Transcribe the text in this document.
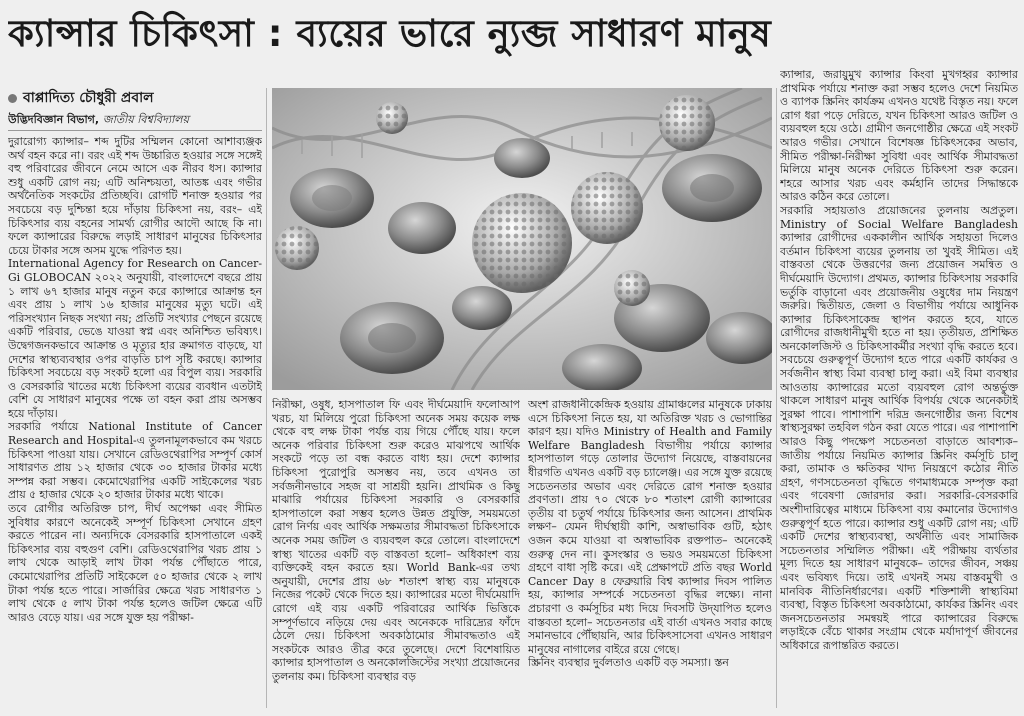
ক্যান্সার চিকিৎসা : ব্যয়ের ভারে ন্যুব্জ সাধারণ মানুষ
বাপ্পাদিত্য চৌধুরী প্রবাল
উদ্ভিদবিজ্ঞান বিভাগ, জাতীয় বিশ্ববিদ্যালয়

দুরারোগ্য ক্যান্সার– শব্দ দুটির সম্মিলন কোনো আশাব্যঞ্জক অর্থ বহন করে না। বরং এই শব্দ উচ্চারিত হওয়ার সঙ্গে সঙ্গেই বহু পরিবারের জীবনে নেমে আসে এক নীরব ধস। ক্যান্সার শুধু একটি রোগ নয়; এটি অনিশ্চয়তা, আতঙ্ক এবং গভীর অর্থনৈতিক সংকটের প্রতিচ্ছবি। রোগটি শনাক্ত হওয়ার পর সবচেয়ে বড় দুশ্চিন্তা হয়ে দাঁড়ায় চিকিৎসা নয়, বরং– এই চিকিৎসার ব্যয় বহনের সামর্থ্য রোগীর আদৌ আছে কি না। ফলে ক্যান্সারের বিরুদ্ধে লড়াই সাধারণ মানুষের চিকিৎসার চেয়ে টাকার সঙ্গে অসম যুদ্ধে পরিণত হয়।

International Agency for Research on Cancer-Gi GLOBOCAN ২০২২ অনুযায়ী, বাংলাদেশে বছরে প্রায় ১ লাখ ৬৭ হাজার মানুষ নতুন করে ক্যান্সারে আক্রান্ত হন এবং প্রায় ১ লাখ ১৬ হাজার মানুষের মৃত্যু ঘটে। এই পরিসংখ্যান নিছক সংখ্যা নয়; প্রতিটি সংখ্যার পেছনে রয়েছে একটি পরিবার, ভেঙে যাওয়া স্বপ্ন এবং অনিশ্চিত ভবিষ্যৎ। উদ্বেগজনকভাবে আক্রান্ত ও মৃত্যুর হার ক্রমাগত বাড়ছে, যা দেশের স্বাস্থ্যব্যবস্থার ওপর বাড়তি চাপ সৃষ্টি করছে। ক্যান্সার চিকিৎসা সবচেয়ে বড় সংকট হলো এর বিপুল ব্যয়। সরকারি ও বেসরকারি খাতের মধ্যে চিকিৎসা ব্যয়ের ব্যবধান এতটাই বেশি যে সাধারণ মানুষের পক্ষে তা বহন করা প্রায় অসম্ভব হয়ে দাঁড়ায়।

সরকারি পর্যায়ে National Institute of Cancer Research and Hospital-এ তুলনামূলকভাবে কম খরচে চিকিৎসা পাওয়া যায়। সেখানে রেডিওথেরাপির সম্পূর্ণ কোর্স সাধারণত প্রায় ১২ হাজার থেকে ৩০ হাজার টাকার মধ্যে সম্পন্ন করা সম্ভব। কেমোথেরাপির একটি সাইকেলের খরচ প্রায় ৫ হাজার থেকে ২০ হাজার টাকার মধ্যে থাকে।

তবে রোগীর অতিরিক্ত চাপ, দীর্ঘ অপেক্ষা এবং সীমিত সুবিধার কারণে অনেকেই সম্পূর্ণ চিকিৎসা সেখানে গ্রহণ করতে পারেন না। অন্যদিকে বেসরকারি হাসপাতালে একই চিকিৎসার ব্যয় বহুগুণ বেশি। রেডিওথেরাপির খরচ প্রায় ১ লাখ থেকে আড়াই লাখ টাকা পর্যন্ত পৌঁছাতে পারে, কেমোথেরাপির প্রতিটি সাইকেলে ৫০ হাজার থেকে ২ লাখ টাকা পর্যন্ত হতে পারে। সার্জারির ক্ষেত্রে খরচ সাধারণত ১ লাখ থেকে ৫ লাখ টাকা পর্যন্ত হলেও জটিল ক্ষেত্রে এটি আরও বেড়ে যায়। এর সঙ্গে যুক্ত হয় পরীক্ষা-

নিরীক্ষা, ওষুধ, হাসপাতাল ফি এবং দীর্ঘমেয়াদি ফলোআপ খরচ, যা মিলিয়ে পুরো চিকিৎসা অনেক সময় কয়েক লক্ষ থেকে বহু লক্ষ টাকা পর্যন্ত ব্যয় গিয়ে পৌঁছে যায়। ফলে অনেক পরিবার চিকিৎসা শুরু করেও মাঝপথে আর্থিক সংকটে পড়ে তা বন্ধ করতে বাধ্য হয়। দেশে ক্যান্সার চিকিৎসা পুরোপুরি অসম্ভব নয়, তবে এখনও তা সর্বজনীনভাবে সহজ বা সাশ্রয়ী হয়নি। প্রাথমিক ও কিছু মাঝারি পর্যায়ের চিকিৎসা সরকারি ও বেসরকারি হাসপাতালে করা সম্ভব হলেও উন্নত প্রযুক্তি, সময়মতো রোগ নির্ণয় এবং আর্থিক সক্ষমতার সীমাবদ্ধতা চিকিৎসাকে অনেক সময় জটিল ও ব্যয়বহুল করে তোলে। বাংলাদেশে স্বাস্থ্য খাতের একটি বড় বাস্তবতা হলো– অধিকাংশ ব্যয় ব্যক্তিকেই বহন করতে হয়। World Bank-এর তথ্য অনুযায়ী, দেশের প্রায় ৬৮ শতাংশ স্বাস্থ্য ব্যয় মানুষকে নিজের পকেট থেকে দিতে হয়। ক্যান্সারের মতো দীর্ঘমেয়াদি রোগে এই ব্যয় একটি পরিবারের আর্থিক ভিত্তিকে সম্পূর্ণভাবে নড়িয়ে দেয় এবং অনেককে দারিদ্র্যের ফাঁদে ঠেলে দেয়। চিকিৎসা অবকাঠামোর সীমাবদ্ধতাও এই সংকটকে আরও তীব্র করে তুলেছে। দেশে বিশেষায়িত ক্যান্সার হাসপাতাল ও অনকোলজিস্টের সংখ্যা প্রয়োজনের তুলনায় কম। চিকিৎসা ব্যবস্থার বড়

অংশ রাজধানীকেন্দ্রিক হওয়ায় গ্রামাঞ্চলের মানুষকে ঢাকায় এসে চিকিৎসা নিতে হয়, যা অতিরিক্ত খরচ ও ভোগান্তির কারণ হয়। যদিও Ministry of Health and Family Welfare Bangladesh বিভাগীয় পর্যায়ে ক্যান্সার হাসপাতাল গড়ে তোলার উদ্যোগ নিয়েছে, বাস্তবায়নের ধীরগতি এখনও একটি বড় চ্যালেঞ্জ। এর সঙ্গে যুক্ত রয়েছে সচেতনতার অভাব এবং দেরিতে রোগ শনাক্ত হওয়ার প্রবণতা। প্রায় ৭০ থেকে ৮০ শতাংশ রোগী ক্যান্সারের তৃতীয় বা চতুর্থ পর্যায়ে চিকিৎসার জন্য আসেন। প্রাথমিক লক্ষণ– যেমন দীর্ঘস্থায়ী কাশি, অস্বাভাবিক গুটি, হঠাৎ ওজন কমে যাওয়া বা অস্বাভাবিক রক্তপাত– অনেকেই গুরুত্ব দেন না। কুসংস্কার ও ভয়ও সময়মতো চিকিৎসা গ্রহণে বাধা সৃষ্টি করে। এই প্রেক্ষাপটে প্রতি বছর World Cancer Day ৪ ফেব্রুয়ারি বিশ্ব ক্যান্সার দিবস পালিত হয়, ক্যান্সার সম্পর্কে সচেতনতা বৃদ্ধির লক্ষ্যে। নানা প্রচারণা ও কর্মসূচির মধ্য দিয়ে দিবসটি উদ্‌যাপিত হলেও বাস্তবতা হলো– সচেতনতার এই বার্তা এখনও সবার কাছে সমানভাবে পৌঁছায়নি, আর চিকিৎসাসেবা এখনও সাধারণ মানুষের নাগালের বাইরে রয়ে গেছে।

স্ক্রিনিং ব্যবস্থার দুর্বলতাও একটি বড় সমস্যা। স্তন

ক্যান্সার, জরায়ুমুখ ক্যান্সার কিংবা মুখগহ্বর ক্যান্সার প্রাথমিক পর্যায়ে শনাক্ত করা সম্ভব হলেও দেশে নিয়মিত ও ব্যাপক স্ক্রিনিং কার্যক্রম এখনও যথেষ্ট বিস্তৃত নয়। ফলে রোগ ধরা পড়ে দেরিতে, যখন চিকিৎসা আরও জটিল ও ব্যয়বহুল হয়ে ওঠে। গ্রামীণ জনগোষ্ঠীর ক্ষেত্রে এই সংকট আরও গভীর। সেখানে বিশেষজ্ঞ চিকিৎসকের অভাব, সীমিত পরীক্ষা-নিরীক্ষা সুবিধা এবং আর্থিক সীমাবদ্ধতা মিলিয়ে মানুষ অনেক দেরিতে চিকিৎসা শুরু করেন। শহরে আসার খরচ এবং কর্মহানি তাদের সিদ্ধান্তকে আরও কঠিন করে তোলে।

সরকারি সহায়তাও প্রয়োজনের তুলনায় অপ্রতুল। Ministry of Social Welfare Bangladesh ক্যান্সার রোগীদের এককালীন আর্থিক সহায়তা দিলেও বর্তমান চিকিৎসা ব্যয়ের তুলনায় তা খুবই সীমিত। এই বাস্তবতা থেকে উত্তরণের জন্য প্রয়োজন সমন্বিত ও দীর্ঘমেয়াদি উদ্যোগ। প্রথমত, ক্যান্সার চিকিৎসায় সরকারি ভর্তুকি বাড়ানো এবং প্রয়োজনীয় ওষুধের দাম নিয়ন্ত্রণ জরুরি। দ্বিতীয়ত, জেলা ও বিভাগীয় পর্যায়ে আধুনিক ক্যান্সার চিকিৎসাকেন্দ্র স্থাপন করতে হবে, যাতে রোগীদের রাজধানীমুখী হতে না হয়। তৃতীয়ত, প্রশিক্ষিত অনকোলজিস্ট ও চিকিৎসাকর্মীর সংখ্যা বৃদ্ধি করতে হবে। সবচেয়ে গুরুত্বপূর্ণ উদ্যোগ হতে পারে একটি কার্যকর ও সর্বজনীন স্বাস্থ্য বিমা ব্যবস্থা চালু করা। এই বিমা ব্যবস্থার আওতায় ক্যান্সারের মতো ব্যয়বহুল রোগ অন্তর্ভুক্ত থাকলে সাধারণ মানুষ আর্থিক বিপর্যয় থেকে অনেকটাই সুরক্ষা পাবে। পাশাপাশি দরিদ্র জনগোষ্ঠীর জন্য বিশেষ স্বাস্থ্যসুরক্ষা তহবিল গঠন করা যেতে পারে। এর পাশাপাশি আরও কিছু পদক্ষেপ সচেতনতা বাড়াতে আবশ্যক– জাতীয় পর্যায়ে নিয়মিত ক্যান্সার স্ক্রিনিং কর্মসূচি চালু করা, তামাক ও ক্ষতিকর খাদ্য নিয়ন্ত্রণে কঠোর নীতি গ্রহণ, গণসচেতনতা বৃদ্ধিতে গণমাধ্যমকে সম্পৃক্ত করা এবং গবেষণা জোরদার করা। সরকারি-বেসরকারি অংশীদারিত্বের মাধ্যমে চিকিৎসা ব্যয় কমানোর উদ্যোগও গুরুত্বপূর্ণ হতে পারে। ক্যান্সার শুধু একটি রোগ নয়; এটি একটি দেশের স্বাস্থ্যব্যবস্থা, অর্থনীতি এবং সামাজিক সচেতনতার সম্মিলিত পরীক্ষা। এই পরীক্ষায় ব্যর্থতার মূল্য দিতে হয় সাধারণ মানুষকে– তাদের জীবন, সঞ্চয় এবং ভবিষ্যৎ দিয়ে। তাই এখনই সময় বাস্তবমুখী ও মানবিক নীতিনির্ধারণের। একটি শক্তিশালী স্বাস্থ্যবিমা ব্যবস্থা, বিস্তৃত চিকিৎসা অবকাঠামো, কার্যকর স্ক্রিনিং এবং জনসচেতনতার সমন্বয়ই পারে ক্যান্সারের বিরুদ্ধে লড়াইকে বেঁচে থাকার সংগ্রাম থেকে মর্যাদাপূর্ণ জীবনের অধিকারে রূপান্তরিত করতে।
